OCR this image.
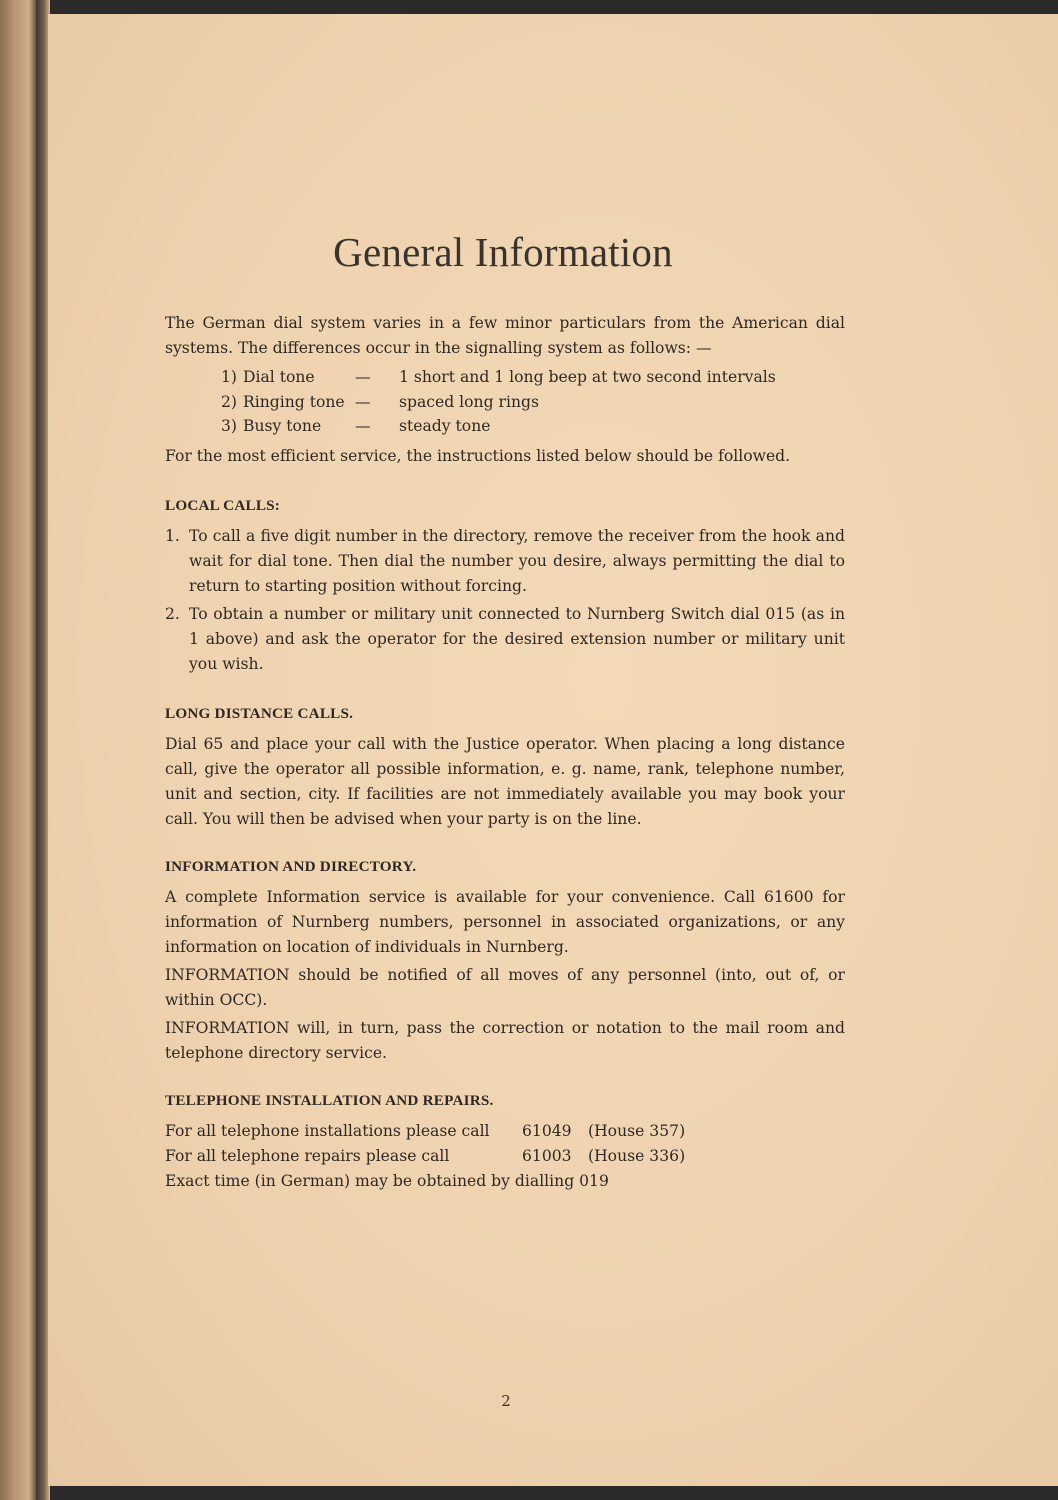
General Information

The German dial system varies in a few minor particulars from the American dial systems. The differences occur in the signalling system as follows: —

1) Dial tone	—	1 short and 1 long beep at two second intervals
2) Ringing tone —	spaced long rings
3) Busy tone	—	steady tone

For the most efficient service, the instructions listed below should be followed.

LOCAL CALLS:
1. To call a five digit number in the directory, remove the receiver from the hook and wait for dial tone. Then dial the number you desire, always permitting the dial to return to starting position without forcing.
2. To obtain a number or military unit connected to Nurnberg Switch dial 015 (as in 1 above) and ask the operator for the desired extension number or military unit you wish.
LONG DISTANCE CALLS.

Dial 65 and place your call with the Justice operator. When placing a long distance call, give the operator all possible information, e. g. name, rank, telephone number, unit and section, city. If facilities are not immediately available you may book your call. You will then be advised when your party is on the line.

INFORMATION AND DIRECTORY.

A complete Information service is available for your convenience. Call 61600 for information of Nurnberg numbers, personnel in associated organizations, or any information on location of individuals in Nurnberg.

INFORMATION should be notified of all moves of any personnel (into, out of, or within OCC).

INFORMATION will, in turn, pass the correction or notation to the mail room and telephone directory service.

TELEPHONE INSTALLATION AND REPAIRS.
For all telephone installations please call	61049	(House 357)
For all telephone repairs please call	61003	(House 336)

Exact time (in German) may be obtained by dialling 019

2
